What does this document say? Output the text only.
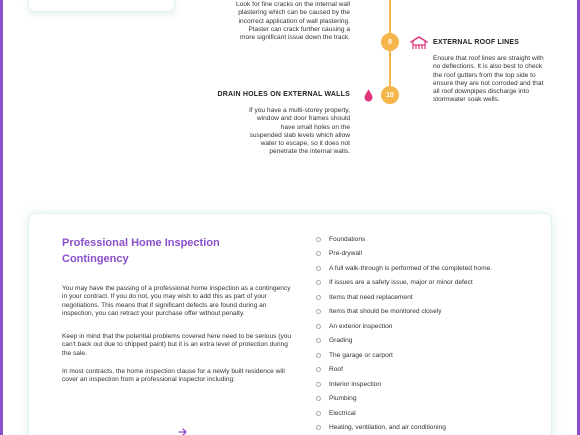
Look for fine cracks on the internal wall plastering which can be caused by the incorrect application of wall plastering. Plaster can crack further causing a more significant issue down the track.

9	EXTERNAL ROOF LINES

Ensure that roof lines are straight with no deflections. It is also best to check the roof gutters from the top side to ensure they are not corroded and that all roof downpipes discharge into stormwater soak wells.

DRAIN HOLES ON EXTERNAL WALLS	10

If you have a multi-storey property, window and door frames should have small holes on the suspended slab levels which allow water to escape, so it does not penetrate the internal walls.

Professional Home Inspection Contingency

You may have the passing of a professional home inspection as a contingency in your contract. If you do not, you may wish to add this as part of your negotiations. This means that if significant defects are found during an inspection, you can retract your purchase offer without penalty.

Keep in mind that the potential problems covered here need to be serious (you can't back out due to chipped paint) but it is an extra level of protection during the sale.

In most contracts, the home inspection clause for a newly built residence will cover an inspection from a professional inspector including:

Foundations
Pre-drywall
A full walk-through is performed of the completed home.
If issues are a safety issue, major or minor defect
Items that need replacement
Items that should be monitored closely
An exterior inspection
Grading
The garage or carport
Roof
Interior inspection
Plumbing
Electrical
Heating, ventilation, and air conditioning
